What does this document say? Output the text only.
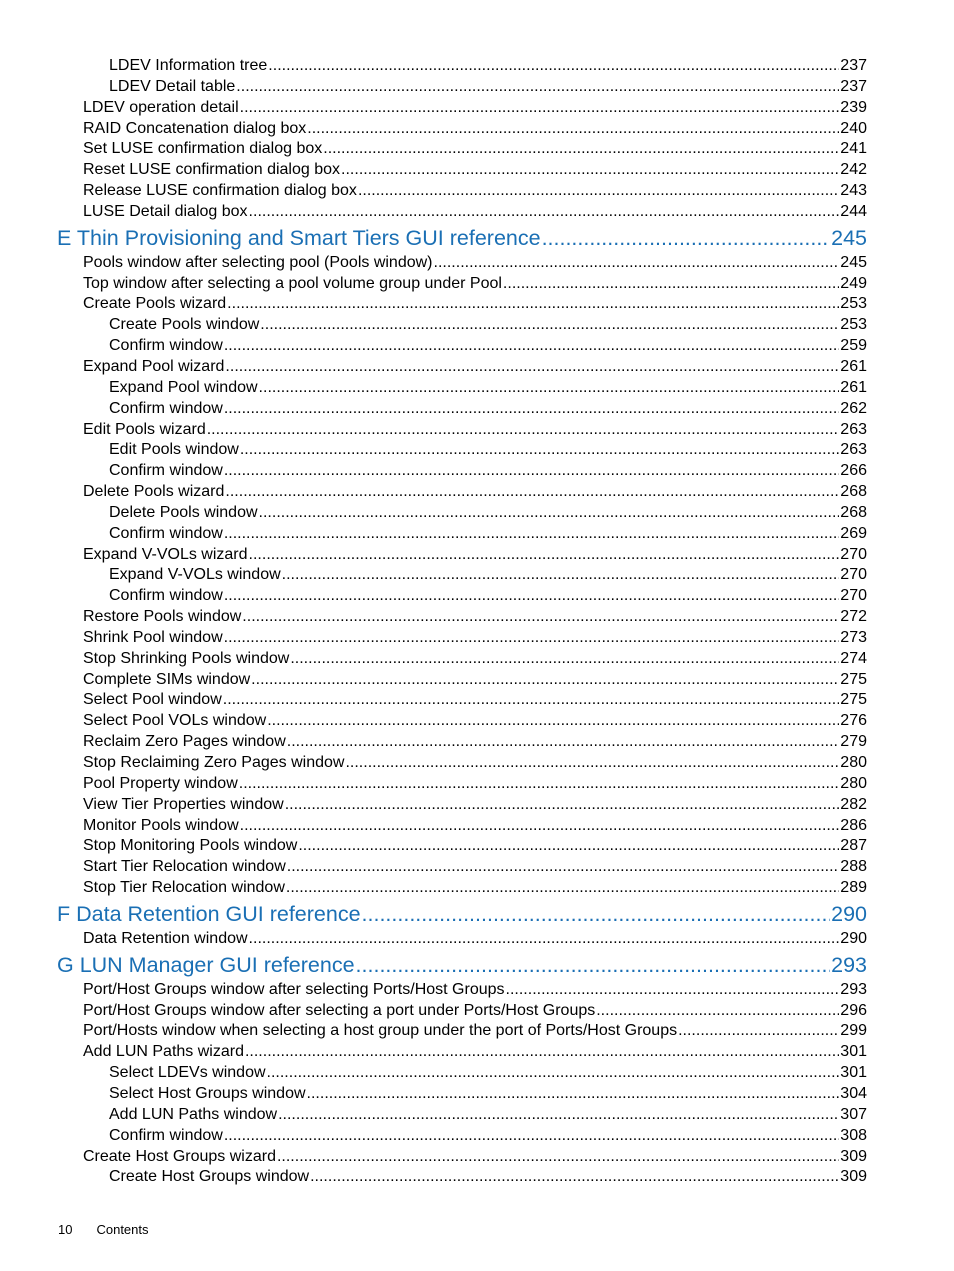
LDEV Information tree .....	237
LDEV Detail table .....	237
LDEV operation detail .....	239
RAID Concatenation dialog box .....	240
Set LUSE confirmation dialog box .....	241
Reset LUSE confirmation dialog box .....	242
Release LUSE confirmation dialog box .....	243
LUSE Detail dialog box .....	244
E Thin Provisioning and Smart Tiers GUI reference .....	245
Pools window after selecting pool (Pools window) .....	245
Top window after selecting a pool volume group under Pool .....	249
Create Pools wizard .....	253
Create Pools window .....	253
Confirm window .....	259
Expand Pool wizard .....	261
Expand Pool window .....	261
Confirm window .....	262
Edit Pools wizard .....	263
Edit Pools window .....	263
Confirm window .....	266
Delete Pools wizard .....	268
Delete Pools window .....	268
Confirm window .....	269
Expand V-VOLs wizard .....	270
Expand V-VOLs window .....	270
Confirm window .....	270
Restore Pools window .....	272
Shrink Pool window .....	273
Stop Shrinking Pools window .....	274
Complete SIMs window .....	275
Select Pool window .....	275
Select Pool VOLs window .....	276
Reclaim Zero Pages window .....	279
Stop Reclaiming Zero Pages window .....	280
Pool Property window .....	280
View Tier Properties window .....	282
Monitor Pools window .....	286
Stop Monitoring Pools window .....	287
Start Tier Relocation window .....	288
Stop Tier Relocation window .....	289
F Data Retention GUI reference .....	290
Data Retention window .....	290
G LUN Manager GUI reference .....	293
Port/Host Groups window after selecting Ports/Host Groups .....	293
Port/Host Groups window after selecting a port under Ports/Host Groups .....	296
Port/Hosts window when selecting a host group under the port of Ports/Host Groups .....	299
Add LUN Paths wizard .....	301
Select LDEVs window .....	301
Select Host Groups window .....	304
Add LUN Paths window .....	307
Confirm window .....	308
Create Host Groups wizard .....	309
Create Host Groups window .....	309
10 Contents
